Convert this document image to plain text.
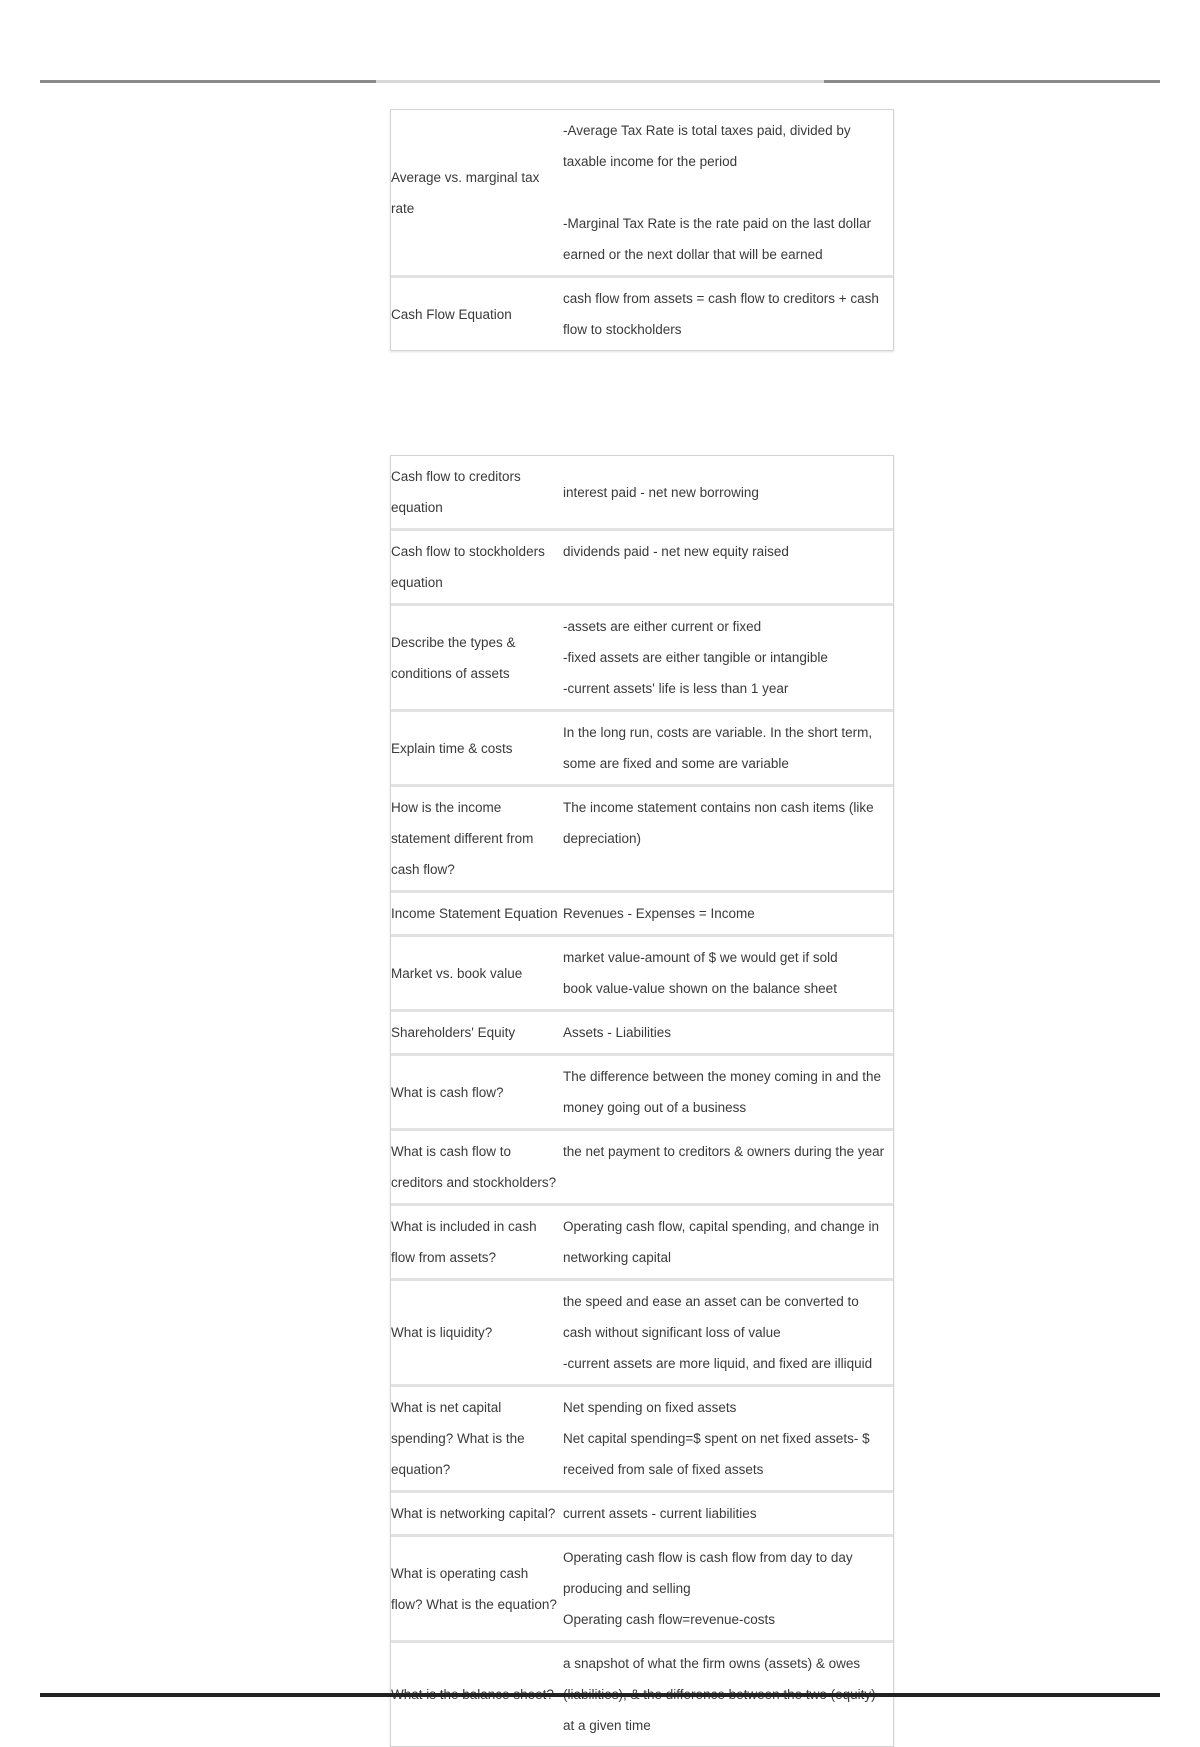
Average vs. marginal tax rate
-Average Tax Rate is total taxes paid, divided by taxable income for the period

-Marginal Tax Rate is the rate paid on the last dollar earned or the next dollar that will be earned
Cash Flow Equation
cash flow from assets = cash flow to creditors + cash flow to stockholders
Cash flow to creditors equation
interest paid - net new borrowing
Cash flow to stockholders equation
dividends paid - net new equity raised
Describe the types & conditions of assets
-assets are either current or fixed
-fixed assets are either tangible or intangible
-current assets' life is less than 1 year
Explain time & costs
In the long run, costs are variable. In the short term, some are fixed and some are variable
How is the income statement different from cash flow?
The income statement contains non cash items (like depreciation)
Income Statement Equation Revenues - Expenses = Income
Market vs. book value
market value-amount of $ we would get if sold
book value-value shown on the balance sheet
Shareholders' Equity	Assets - Liabilities
What is cash flow?
The difference between the money coming in and the money going out of a business
What is cash flow to creditors and stockholders?
the net payment to creditors & owners during the year
What is included in cash flow from assets?
Operating cash flow, capital spending, and change in networking capital
What is liquidity?
the speed and ease an asset can be converted to cash without significant loss of value
-current assets are more liquid, and fixed are illiquid
What is net capital spending? What is the equation?
Net spending on fixed assets
Net capital spending=$ spent on net fixed assets- $ received from sale of fixed assets
What is networking capital? current assets - current liabilities
What is operating cash flow? What is the equation?
Operating cash flow is cash flow from day to day producing and selling
Operating cash flow=revenue-costs
a snapshot of what the firm owns (assets) & owes at a given time
